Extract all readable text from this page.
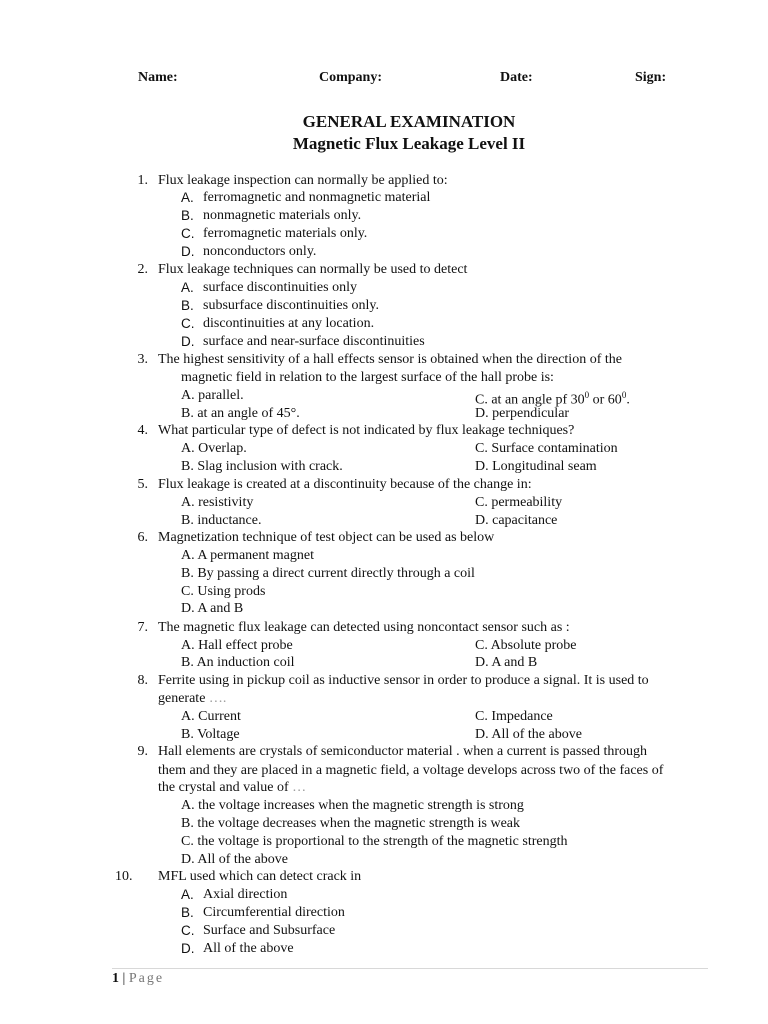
Name:	Company:	Date:	Sign:
GENERAL EXAMINATION
Magnetic Flux Leakage Level II
1. Flux leakage inspection can normally be applied to:
A. ferromagnetic and nonmagnetic material
B. nonmagnetic materials only.
C. ferromagnetic materials only.
D. nonconductors only.
2. Flux leakage techniques can normally be used to detect
A. surface discontinuities only
B. subsurface discontinuities only.
C. discontinuities at any location.
D. surface and near-surface discontinuities
3. The highest sensitivity of a hall effects sensor is obtained when the direction of the
magnetic field in relation to the largest surface of the hall probe is:
A. parallel.	C. at an angle pf $30^0$ or $60^0$.
B. at an angle of 45°.	D. perpendicular
4. What particular type of defect is not indicated by flux leakage techniques?
A. Overlap.	C. Surface contamination
B. Slag inclusion with crack.	D. Longitudinal seam
5. Flux leakage is created at a discontinuity because of the change in:
A. resistivity	C. permeability
B. inductance.	D. capacitance
6. Magnetization technique of test object can be used as below
A. A permanent magnet
B. By passing a direct current directly through a coil
C. Using prods
D. A and B
7. The magnetic flux leakage can detected using noncontact sensor such as :
A. Hall effect probe	C. Absolute probe
B. An induction coil	D. A and B
8. Ferrite using in pickup coil as inductive sensor in order to produce a signal. It is used to
generate ….
A. Current	C. Impedance
B. Voltage	D. All of the above
9. Hall elements are crystals of semiconductor material . when a current is passed through
them and they are placed in a magnetic field, a voltage develops across two of the faces of
the crystal and value of …
A. the voltage increases when the magnetic strength is strong
B. the voltage decreases when the magnetic strength is weak
C. the voltage is proportional to the strength of the magnetic strength
D. All of the above
10. MFL used which can detect crack in
A. Axial direction
B. Circumferential direction
C. Surface and Subsurface
D. All of the above
1 | Page
